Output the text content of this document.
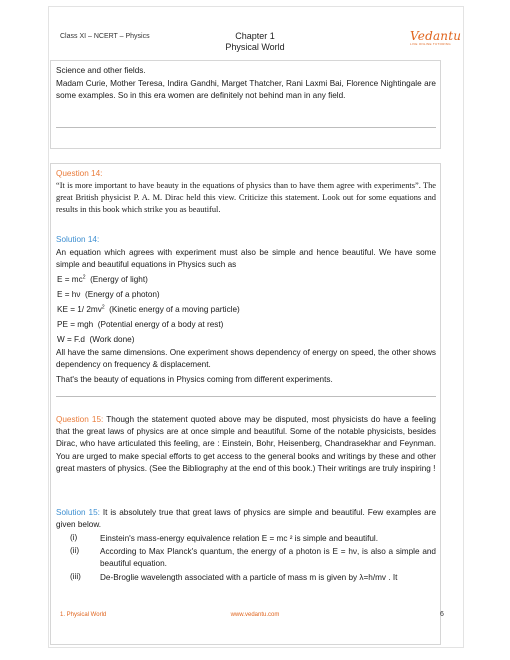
Class XI – NCERT – Physics	Chapter 1
Physical World
Vedantu
LIVE ONLINE TUTORING
Science and other fields.
Madam Curie, Mother Teresa, Indira Gandhi, Marget Thatcher, Rani Laxmi Bai, Florence Nightingale are some examples. So in this era women are definitely not behind man in any field.
Question 14:
“It is more important to have beauty in the equations of physics than to have them agree with experiments”. The great British physicist P. A. M. Dirac held this view. Criticize this statement. Look out for some equations and results in this book which strike you as beautiful.
Solution 14:
An equation which agrees with experiment must also be simple and hence beautiful. We have some simple and beautiful equations in Physics such as
$E = mc^2$ (Energy of light)
E = hν (Energy of a photon)
KE = 1/ $2mv^2$ (Kinetic energy of a moving particle)
PE = mgh (Potential energy of a body at rest)
W = F.d (Work done)
All have the same dimensions. One experiment shows dependency of energy on speed, the other shows dependency on frequency & displacement.
That's the beauty of equations in Physics coming from different experiments.
Question 15: Though the statement quoted above may be disputed, most physicists do have a feeling that the great laws of physics are at once simple and beautiful. Some of the notable physicists, besides Dirac, who have articulated this feeling, are : Einstein, Bohr, Heisenberg, Chandrasekhar and Feynman. You are urged to make special efforts to get access to the general books and writings by these and other great masters of physics. (See the Bibliography at the end of this book.) Their writings are truly inspiring !
Solution 15: It is absolutely true that great laws of physics are simple and beautiful. Few examples are given below.
(i)	Einstein's mass-energy equivalence relation E = mc ² is simple and beautiful.
(ii)	According to Max Planck's quantum, the energy of a photon is E = hν, is also a simple and beautiful equation.
(iii) De-Broglie wavelength associated with a particle of mass m is given by λ=h/mv . It
1. Physical World	www.vedantu.com	6
